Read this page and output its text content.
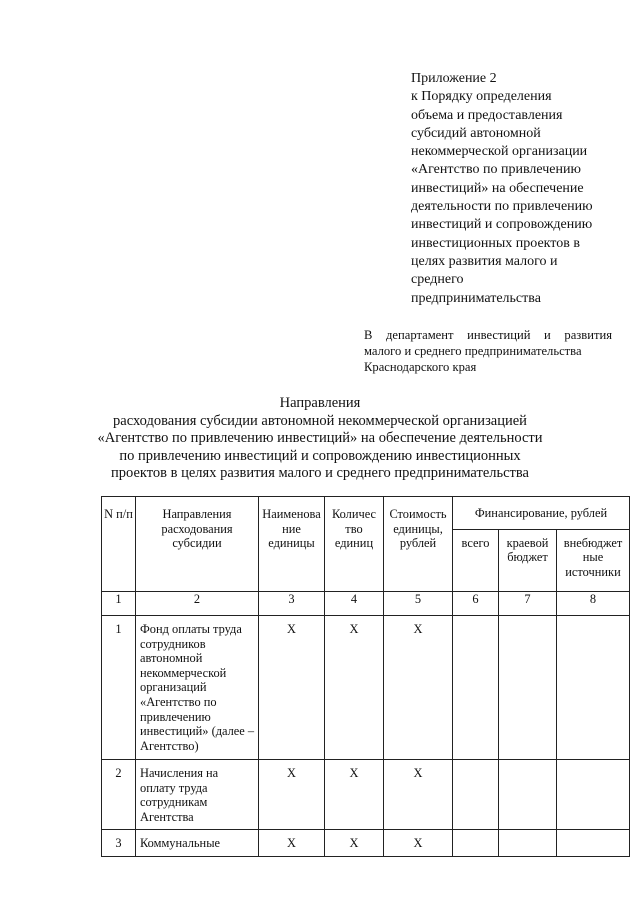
Приложение 2
к Порядку определения
объема и предоставления
субсидий автономной
некоммерческой организации
«Агентство по привлечению
инвестиций» на обеспечение
деятельности по привлечению
инвестиций и сопровождению
инвестиционных проектов в
целях развития малого и
среднего
предпринимательства
В департамент инвестиций и развития
малого и среднего предпринимательства
Краснодарского края
Направления
расходования субсидии автономной некоммерческой организацией
«Агентство по привлечению инвестиций» на обеспечение деятельности
по привлечению инвестиций и сопровождению инвестиционных
проектов в целях развития малого и среднего предпринимательства
N п/п	Направления расходования субсидии	Наименова ние единицы	Количес тво единиц	Стоимость единицы, рублей	Финансирование, рублей		
					всего	краевой бюджет	внебюджет ные источники
1	2	3	4	5	6	7	8
1	Фонд оплаты труда сотрудников автономной некоммерческой организаций «Агентство по привлечению инвестиций» (далее – Агентство)	X	X	X			
2	Начисления на оплату труда сотрудникам Агентства	X	X	X			
3	Коммунальные	X	X	X			
